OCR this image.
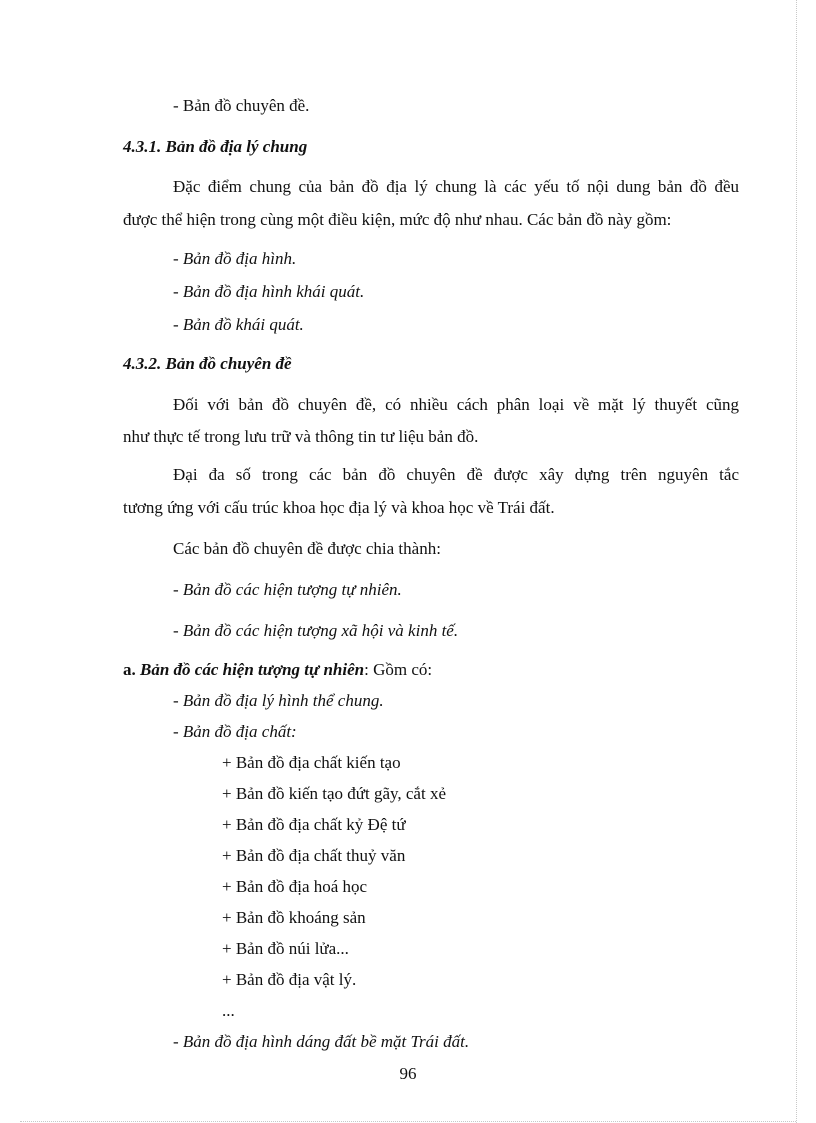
- Bản đồ chuyên đề.
4.3.1. Bản đồ địa lý chung
Đặc điểm chung của bản đồ địa lý chung là các yếu tố nội dung bản đồ đều
được thể hiện trong cùng một điều kiện, mức độ như nhau. Các bản đồ này gồm:
- Bản đồ địa hình.
- Bản đồ địa hình khái quát.
- Bản đồ khái quát.
4.3.2. Bản đồ chuyên đề
Đối với bản đồ chuyên đề, có nhiều cách phân loại về mặt lý thuyết cũng
như thực tế trong lưu trữ và thông tin tư liệu bản đồ.
Đại đa số trong các bản đồ chuyên đề được xây dựng trên nguyên tắc
tương ứng với cấu trúc khoa học địa lý và khoa học về Trái đất.
Các bản đồ chuyên đề được chia thành:
- Bản đồ các hiện tượng tự nhiên.
- Bản đồ các hiện tượng xã hội và kinh tế.
a. Bản đồ các hiện tượng tự nhiên: Gồm có:
- Bản đồ địa lý hình thể chung.
- Bản đồ địa chất:
+ Bản đồ địa chất kiến tạo
+ Bản đồ kiến tạo đứt gãy, cắt xẻ
+ Bản đồ địa chất kỷ Đệ tứ
+ Bản đồ địa chất thuỷ văn
+ Bản đồ địa hoá học
+ Bản đồ khoáng sản
+ Bản đồ núi lửa...
+ Bản đồ địa vật lý.
...
- Bản đồ địa hình dáng đất bề mặt Trái đất.
96
